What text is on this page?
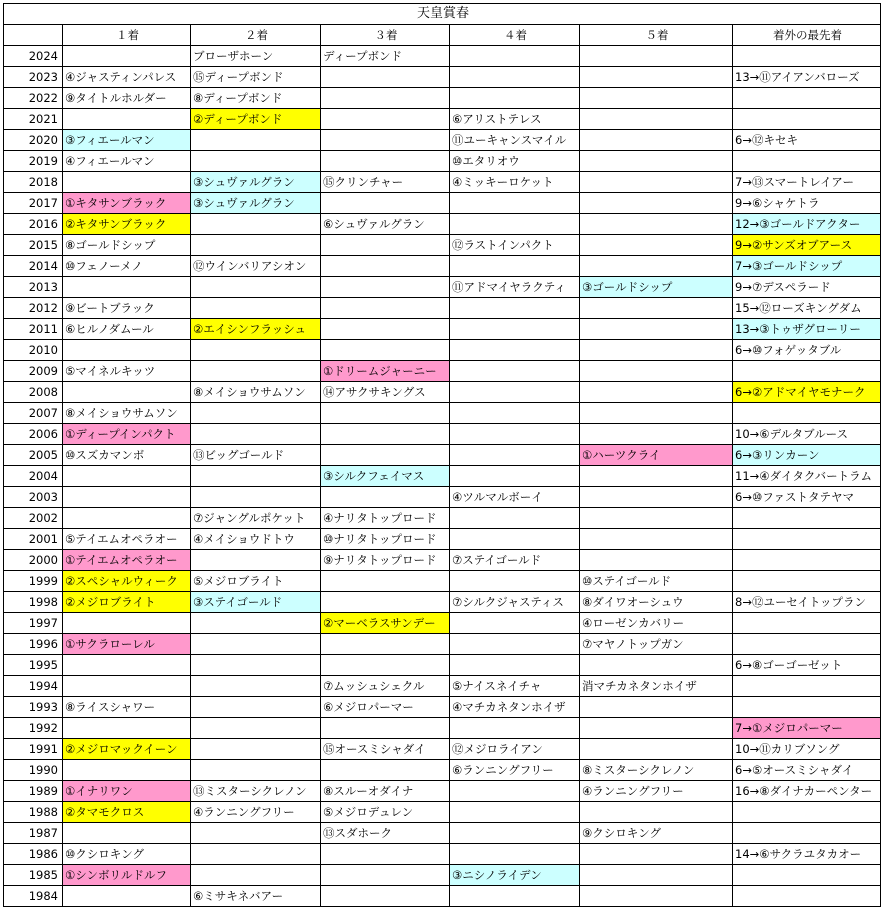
天皇賞春						
	１着	２着	３着	４着	５着	着外の最先着
2024		ブローザホーン	ディープボンド			
2023	④ジャスティンパレス	⑮ディープボンド				13→⑪アイアンバローズ
2022	⑨タイトルホルダー	⑧ディープボンド				
2021		②ディープボンド		⑥アリストテレス		
2020	③フィエールマン			⑪ユーキャンスマイル		6→⑫キセキ
2019	④フィエールマン			⑩エタリオウ		
2018		③シュヴァルグラン	⑮クリンチャー	④ミッキーロケット		7→⑬スマートレイアー
2017	①キタサンブラック	③シュヴァルグラン				9→⑥シャケトラ
2016	②キタサンブラック		⑥シュヴァルグラン			12→③ゴールドアクター
2015	⑧ゴールドシップ			⑫ラストインパクト		9→②サンズオブアース
2014	⑩フェノーメノ	⑫ウインバリアシオン				7→③ゴールドシップ
2013				⑪アドマイヤラクティ	③ゴールドシップ	9→⑦デスペラード
2012	⑨ビートブラック					15→⑫ローズキングダム
2011	⑥ヒルノダムール	②エイシンフラッシュ				13→③トゥザグローリー
2010						6→⑩フォゲッタブル
2009	⑤マイネルキッツ		①ドリームジャーニー			
2008		⑧メイショウサムソン	⑭アサクサキングス			6→②アドマイヤモナーク
2007	⑧メイショウサムソン					
2006	①ディープインパクト					10→⑥デルタブルース
2005	⑩スズカマンボ	⑬ビッグゴールド			①ハーツクライ	6→③リンカーン
2004			③シルクフェイマス			11→④ダイタクバートラム
2003				④ツルマルボーイ		6→⑩ファストタテヤマ
2002		⑦ジャングルポケット	④ナリタトップロード			
2001	⑤テイエムオペラオー	④メイショウドトウ	⑩ナリタトップロード			
2000	①テイエムオペラオー		⑨ナリタトップロード	⑦ステイゴールド		
1999	②スペシャルウィーク	⑤メジロブライト			⑩ステイゴールド	
1998	②メジロブライト	③ステイゴールド		⑦シルクジャスティス	⑧ダイワオーシュウ	8→⑫ユーセイトップラン
1997			②マーベラスサンデー		④ローゼンカバリー	
1996	①サクラローレル				⑦マヤノトップガン	
1995						6→⑧ゴーゴーゼット
1994			⑦ムッシュシェクル	⑤ナイスネイチャ	消マチカネタンホイザ	
1993	⑧ライスシャワー		⑥メジロパーマー	④マチカネタンホイザ		
1992						7→①メジロパーマー
1991	②メジロマックイーン		⑮オースミシャダイ	⑫メジロライアン		10→⑪カリブソング
1990				⑥ランニングフリー	⑧ミスターシクレノン	6→⑤オースミシャダイ
1989	①イナリワン	⑬ミスターシクレノン	⑧スルーオダイナ		④ランニングフリー	16→⑧ダイナカーペンター
1988	②タマモクロス	④ランニングフリー	⑤メジロデュレン			
1987			⑬スダホーク		⑨クシロキング	
1986	⑩クシロキング					14→⑥サクラユタカオー
1985	①シンボリルドルフ			③ニシノライデン		
1984		⑥ミサキネバアー				
